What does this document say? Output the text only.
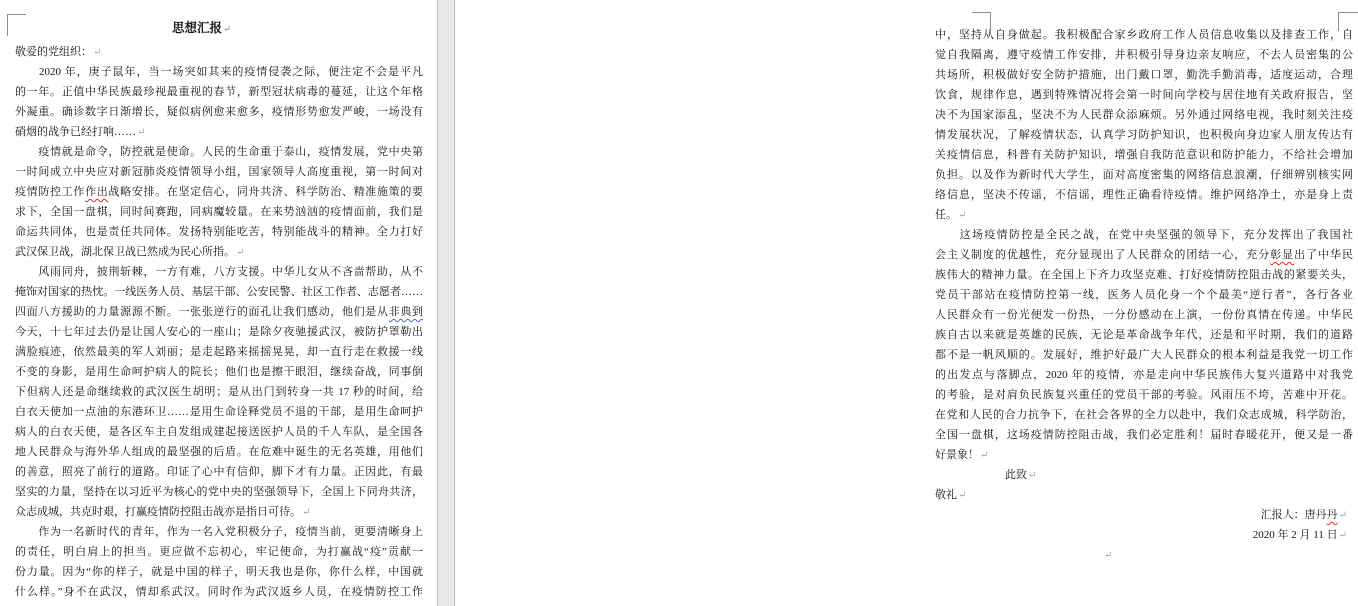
思想汇报↵
敬爱的党组织：↵
　　2020 年，庚子鼠年，当一场突如其来的疫情侵袭之际，便注定不会是平凡
的一年。正值中华民族最珍视最重视的春节，新型冠状病毒的蔓延，让这个年格
外凝重。确诊数字日渐增长，疑似病例愈来愈多，疫情形势愈发严峻，一场没有
硝烟的战争已经打响……↵
　　疫情就是命令，防控就是使命。人民的生命重于泰山，疫情发展，党中央第
一时间成立中央应对新冠肺炎疫情领导小组，国家领导人高度重视，第一时间对
疫情防控工作作出战略安排。在坚定信心，同舟共济、科学防治、精准施策的要
求下，全国一盘棋，同时间赛跑，同病魔较量。在来势汹汹的疫情面前，我们是
命运共同体，也是责任共同体。发扬特别能吃苦，特别能战斗的精神。全力打好
武汉保卫战，湖北保卫战已然成为民心所指。↵
　　风雨同舟，披荆斩棘，一方有难，八方支援。中华儿女从不吝啬帮助，从不
掩饰对国家的热忱。一线医务人员、基层干部、公安民警、社区工作者、志愿者……
四面八方援助的力量源源不断。一张张逆行的面孔让我们感动，他们是从非典到
今天，十七年过去仍是让国人安心的一座山；是除夕夜驰援武汉，被防护罩勒出
满脸痕迹，依然最美的军人刘丽；是走起路来摇摇晃晃，却一直行走在救援一线
不变的身影，是用生命呵护病人的院长；他们也是擦干眼泪，继续奋战，同事倒
下但病人还是命继续救的武汉医生胡明；是从出门到转身一共 17 秒的时间，给
白衣天使加一点油的东港环卫……是用生命诠释党员不退的干部，是用生命呵护
病人的白衣天使，是各区车主自发组成建起接送医护人员的千人车队，是全国各
地人民群众与海外华人组成的最坚强的后盾。在危难中诞生的无名英雄，用他们
的善意，照亮了前行的道路。印证了心中有信仰，脚下才有力量。正因此，有最
坚实的力量，坚持在以习近平为核心的党中央的坚强领导下，全国上下同舟共济，
众志成城，共克时艰，打赢疫情防控阻击战亦是指日可待。↵
　　作为一名新时代的青年，作为一名入党积极分子，疫情当前，更要清晰身上
的责任，明白肩上的担当。更应做不忘初心，牢记使命，为打赢战“疫”贡献一
份力量。因为“你的样子，就是中国的样子，明天我也是你，你什么样，中国就
什么样。”身不在武汉，情却系武汉。同时作为武汉返乡人员，在疫情防控工作
中，坚持从自身做起。我积极配合家乡政府工作人员信息收集以及排查工作，自
觉自我隔离，遵守疫情工作安排，并积极引导身边亲友响应，不去人员密集的公
共场所，积极做好安全防护措施，出门戴口罩，勤洗手勤消毒，适度运动，合理
饮食，规律作息，遇到特殊情况将会第一时间向学校与居住地有关政府报告，坚
决不为国家添乱，坚决不为人民群众添麻烦。另外通过网络电视，我时刻关注疫
情发展状况，了解疫情状态，认真学习防护知识，也积极向身边家人朋友传达有
关疫情信息，科普有关防护知识，增强自我防范意识和防护能力，不给社会增加
负担。以及作为新时代大学生，面对高度密集的网络信息浪潮，仔细辨别核实网
络信息，坚决不传谣，不信谣，理性正确看待疫情。维护网络净土，亦是身上责
任。↵
　　这场疫情防控是全民之战，在党中央坚强的领导下，充分发挥出了我国社
会主义制度的优越性，充分显现出了人民群众的团结一心，充分彰显出了中华民
族伟大的精神力量。在全国上下齐力攻坚克难、打好疫情防控阻击战的紧要关头，
党员干部站在疫情防控第一线，医务人员化身一个个最美“逆行者”，各行各业
人民群众有一份光便发一份热，一分份感动在上演，一份份真情在传递。中华民
族自古以来就是英雄的民族，无论是革命战争年代，还是和平时期，我们的道路
都不是一帆风顺的。发展好，维护好最广大人民群众的根本利益是我党一切工作
的出发点与落脚点，2020 年的疫情，亦是走向中华民族伟大复兴道路中对我党
的考验，是对肩负民族复兴重任的党员干部的考验。风雨压不垮，苦难中开花。
在党和人民的合力抗争下，在社会各界的全力以赴中，我们众志成城，科学防治，
全国一盘棋，这场疫情防控阻击战，我们必定胜利！届时春暖花开，便又是一番
好景象！↵
此致↵
敬礼↵
汇报人：唐丹丹↵
2020 年 2 月 11 日↵
↵
